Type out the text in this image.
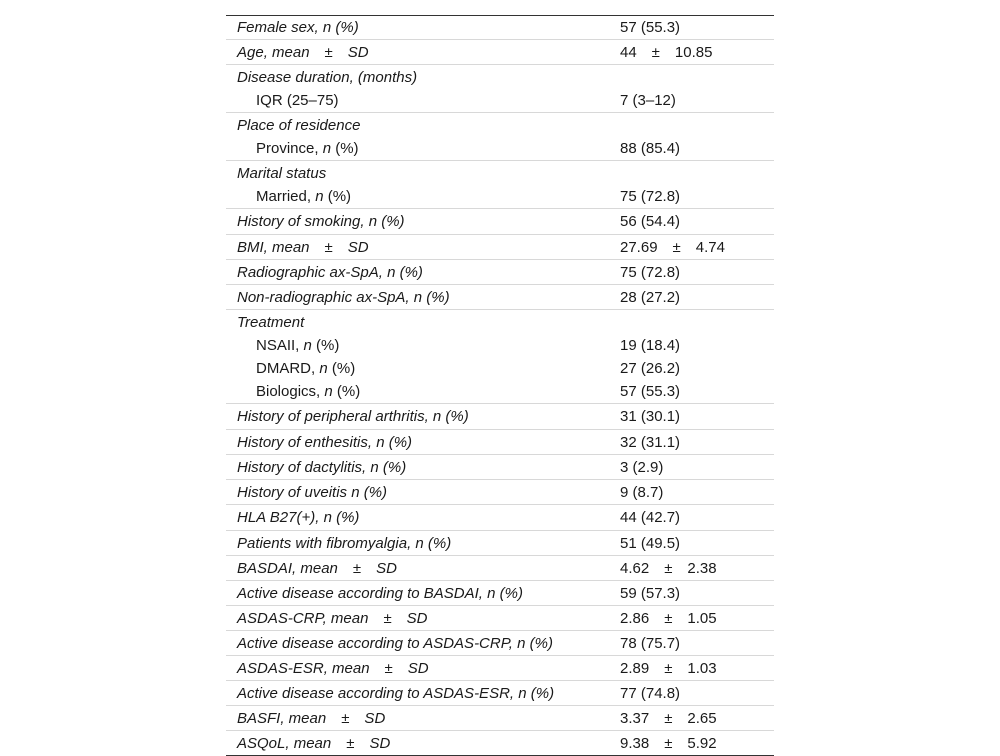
Female sex, n (%)	57 (55.3)
Age, mean ± SD	44 ± 10.85
Disease duration, (months)
IQR (25–75)	7 (3–12)
Place of residence
Province, n (%)	88 (85.4)
Marital status
Married, n (%)	75 (72.8)
History of smoking, n (%)	56 (54.4)
BMI, mean ± SD	27.69 ± 4.74
Radiographic ax-SpA, n (%)	75 (72.8)
Non-radiographic ax-SpA, n (%)	28 (27.2)
Treatment
NSAII, n (%)	19 (18.4)
DMARD, n (%)	27 (26.2)
Biologics, n (%)	57 (55.3)
History of peripheral arthritis, n (%)	31 (30.1)
History of enthesitis, n (%)	32 (31.1)
History of dactylitis, n (%)	3 (2.9)
History of uveitis n (%)	9 (8.7)
HLA B27(+), n (%)	44 (42.7)
Patients with fibromyalgia, n (%)	51 (49.5)
BASDAI, mean ± SD	4.62 ± 2.38
Active disease according to BASDAI, n (%)	59 (57.3)
ASDAS-CRP, mean ± SD	2.86 ± 1.05
Active disease according to ASDAS-CRP, n (%)	78 (75.7)
ASDAS-ESR, mean ± SD	2.89 ± 1.03
Active disease according to ASDAS-ESR, n (%)	77 (74.8)
BASFI, mean ± SD	3.37 ± 2.65
ASQoL, mean ± SD	9.38 ± 5.92
